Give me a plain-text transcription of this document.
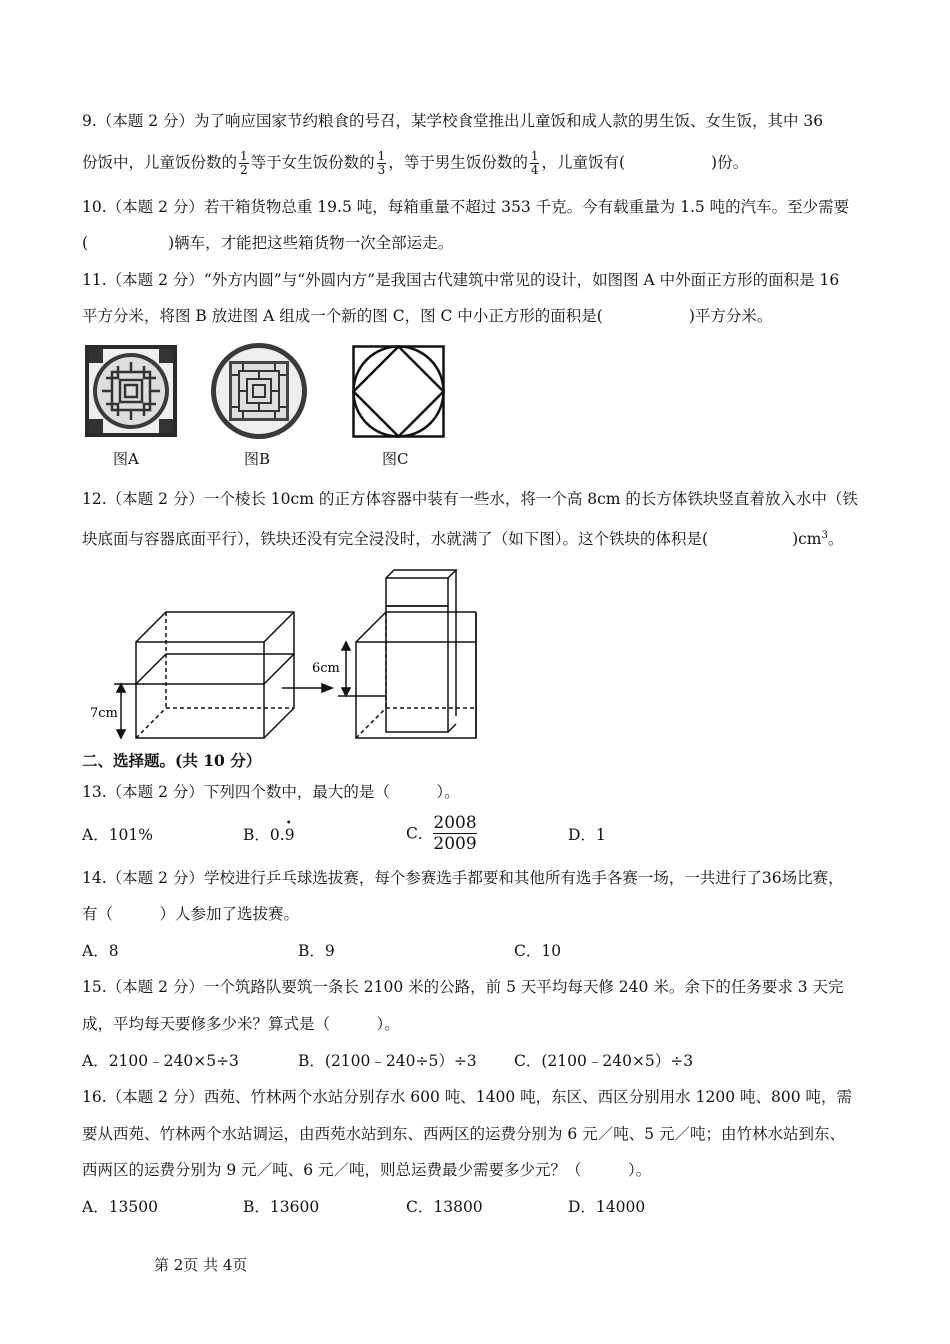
9.（本题 2 分）为了响应国家节约粮食的号召，某学校食堂推出儿童饭和成人款的男生饭、女生饭，其中 36
份饭中，儿童饭份数的 $\frac{1}{2}$ 等于女生饭份数的 $\frac{1}{3}$ ，等于男生饭份数的 $\frac{1}{4}$ ，儿童饭有(	)份。
10.（本题 2 分）若干箱货物总重 19.5 吨，每箱重量不超过 353 千克。今有载重量为 1.5 吨的汽车。至少需要
(	)辆车，才能把这些箱货物一次全部运走。
11.（本题 2 分）“外方内圆”与“外圆内方”是我国古代建筑中常见的设计，如图图 A 中外面正方形的面积是 16
平方分米，将图 B 放进图 A 组成一个新的图 C，图 C 中小正方形的面积是(	)平方分米。
图A	图B	图C
12.（本题 2 分）一个棱长 10cm 的正方体容器中装有一些水，将一个高 8cm 的长方体铁块竖直着放入水中（铁
块底面与容器底面平行），铁块还没有完全浸没时，水就满了（如下图）。这个铁块的体积是(	)$cm^3$。
7cm
6cm
二、选择题。(共 10 分）
13.（本题 2 分）下列四个数中，最大的是（　　　）。
A．101%	B．0.• 9	C． $\frac{2008}{2009}$	D．1
14.（本题 2 分）学校进行乒乓球选拔赛，每个参赛选手都要和其他所有选手各赛一场，一共进行了36场比赛，
有（　　　）人参加了选拔赛。
A．8	B．9	C．10
15.（本题 2 分）一个筑路队要筑一条长 2100 米的公路，前 5 天平均每天修 240 米。余下的任务要求 3 天完
成，平均每天要修多少米？算式是（　　　）。
A．2100﹣240×5÷3	B．(2100﹣240÷5）÷3 C．(2100﹣240×5）÷3
16.（本题 2 分）西苑、竹林两个水站分别存水 600 吨、1400 吨，东区、西区分别用水 1200 吨、800 吨，需
要从西苑、竹林两个水站调运，由西苑水站到东、西两区的运费分别为 6 元／吨、5 元／吨；由竹林水站到东、
西两区的运费分别为 9 元／吨、6 元／吨，则总运费最少需要多少元？（　　　）。
A．13500	B．13600	C．13800	D．14000
第 2页 共 4页
